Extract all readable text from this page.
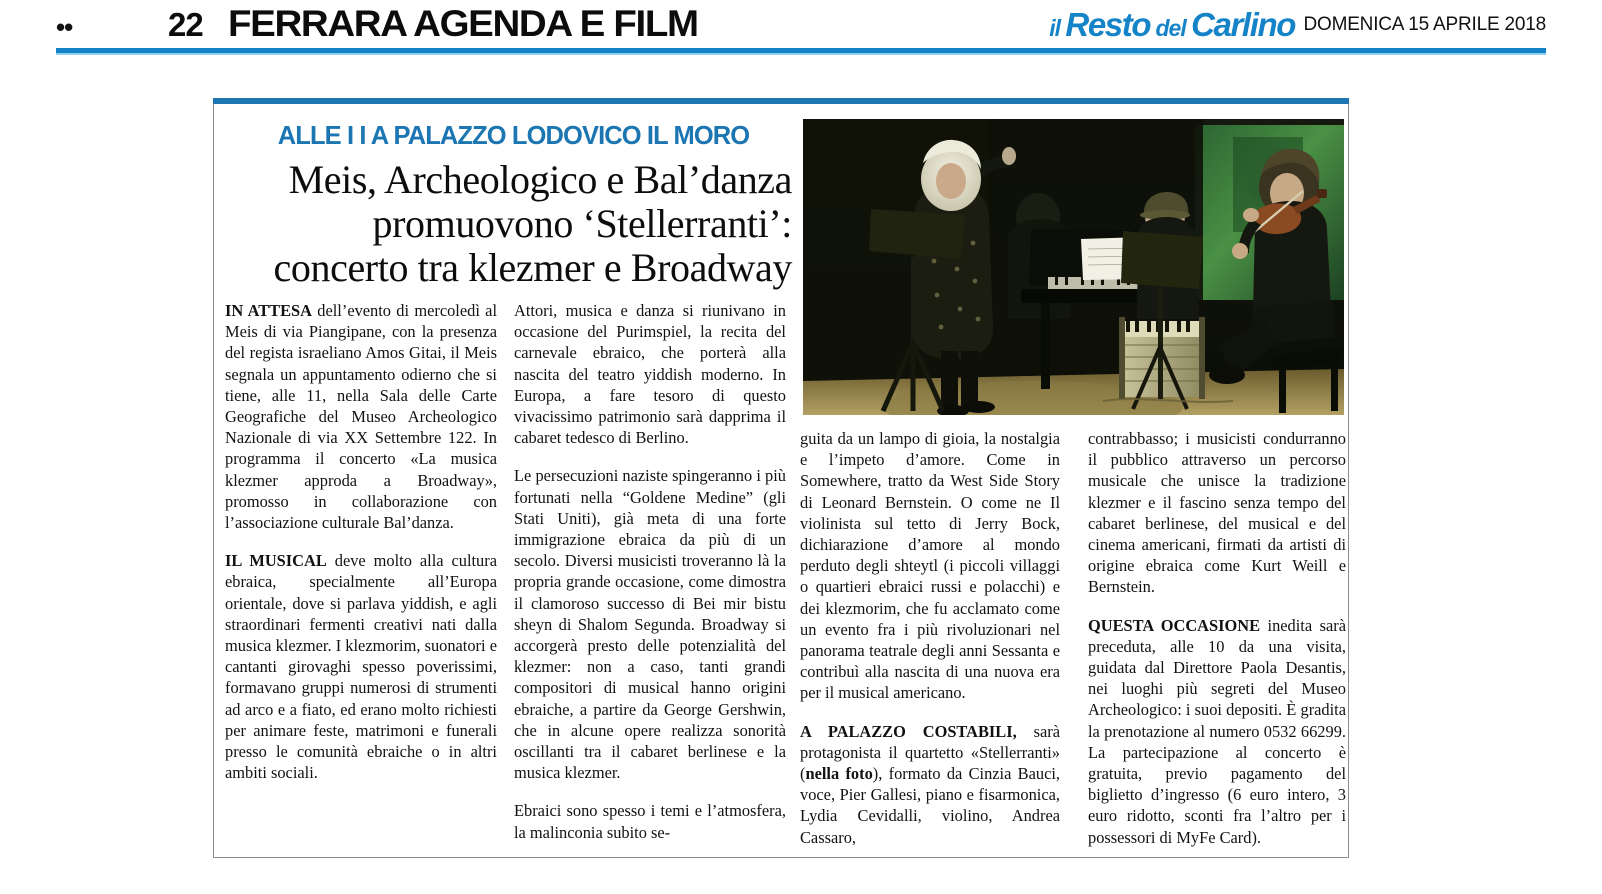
••	22 FERRARA AGENDA E FILM	il Resto del Carlino DOMENICA 15 APRILE 2018
ALLE I I A PALAZZO LODOVICO IL MORO
Meis, Archeologico e Bal’danza
promuovono ‘Stellerranti’:
concerto tra klezmer e Broadway

IN ATTESA dell’evento di mercoledì al Meis di via Piangipane, con la presenza del regista israeliano Amos Gitai, il Meis segnala un appuntamento odierno che si tiene, alle 11, nella Sala delle Carte Geografiche del Museo Archeologico Nazionale di via XX Settembre 122. In programma il concerto «La musica klezmer approda a Broadway», promosso in collaborazione con l’associazione culturale Bal’danza.

IL MUSICAL deve molto alla cultura ebraica, specialmente all’Europa orientale, dove si parlava yiddish, e agli straordinari fermenti creativi nati dalla musica klezmer. I klezmorim, suonatori e cantanti girovaghi spesso poverissimi, formavano gruppi numerosi di strumenti ad arco e a fiato, ed erano molto richiesti per animare feste, matrimoni e funerali presso le comunità ebraiche o in altri ambiti sociali.

Attori, musica e danza si riunivano in occasione del Purimspiel, la recita del carnevale ebraico, che porterà alla nascita del teatro yiddish moderno. In Europa, a fare tesoro di questo vivacissimo patrimonio sarà dapprima il cabaret tedesco di Berlino.

Le persecuzioni naziste spingeranno i più fortunati nella “Goldene Medine” (gli Stati Uniti), già meta di una forte immigrazione ebraica da più di un secolo. Diversi musicisti troveranno là la propria grande occasione, come dimostra il clamoroso successo di Bei mir bistu sheyn di Shalom Segunda. Broadway si accorgerà presto delle potenzialità del klezmer: non a caso, tanti grandi compositori di musical hanno origini ebraiche, a partire da George Gershwin, che in alcune opere realizza sonorità oscillanti tra il cabaret berlinese e la musica klezmer.

Ebraici sono spesso i temi e l’atmosfera, la malinconia subito se-

guita da un lampo di gioia, la nostalgia e l’impeto d’amore. Come in Somewhere, tratto da West Side Story di Leonard Bernstein. O come ne Il violinista sul tetto di Jerry Bock, dichiarazione d’amore al mondo perduto degli shteytl (i piccoli villaggi o quartieri ebraici russi e polacchi) e dei klezmorim, che fu acclamato come un evento fra i più rivoluzionari nel panorama teatrale degli anni Sessanta e contribuì alla nascita di una nuova era per il musical americano.

A PALAZZO COSTABILI, sarà protagonista il quartetto «Stellerranti» (nella foto), formato da Cinzia Bauci, voce, Pier Gallesi, piano e fisarmonica, Lydia Cevidalli, violino, Andrea Cassaro,

contrabbasso; i musicisti condurranno il pubblico attraverso un percorso musicale che unisce la tradizione klezmer e il fascino senza tempo del cabaret berlinese, del musical e del cinema americani, firmati da artisti di origine ebraica come Kurt Weill e Bernstein.

QUESTA OCCASIONE inedita sarà preceduta, alle 10 da una visita, guidata dal Direttore Paola Desantis, nei luoghi più segreti del Museo Archeologico: i suoi depositi. È gradita la prenotazione al numero 0532 66299. La partecipazione al concerto è gratuita, previo pagamento del biglietto d’ingresso (6 euro intero, 3 euro ridotto, sconti fra l’altro per i possessori di MyFe Card).
